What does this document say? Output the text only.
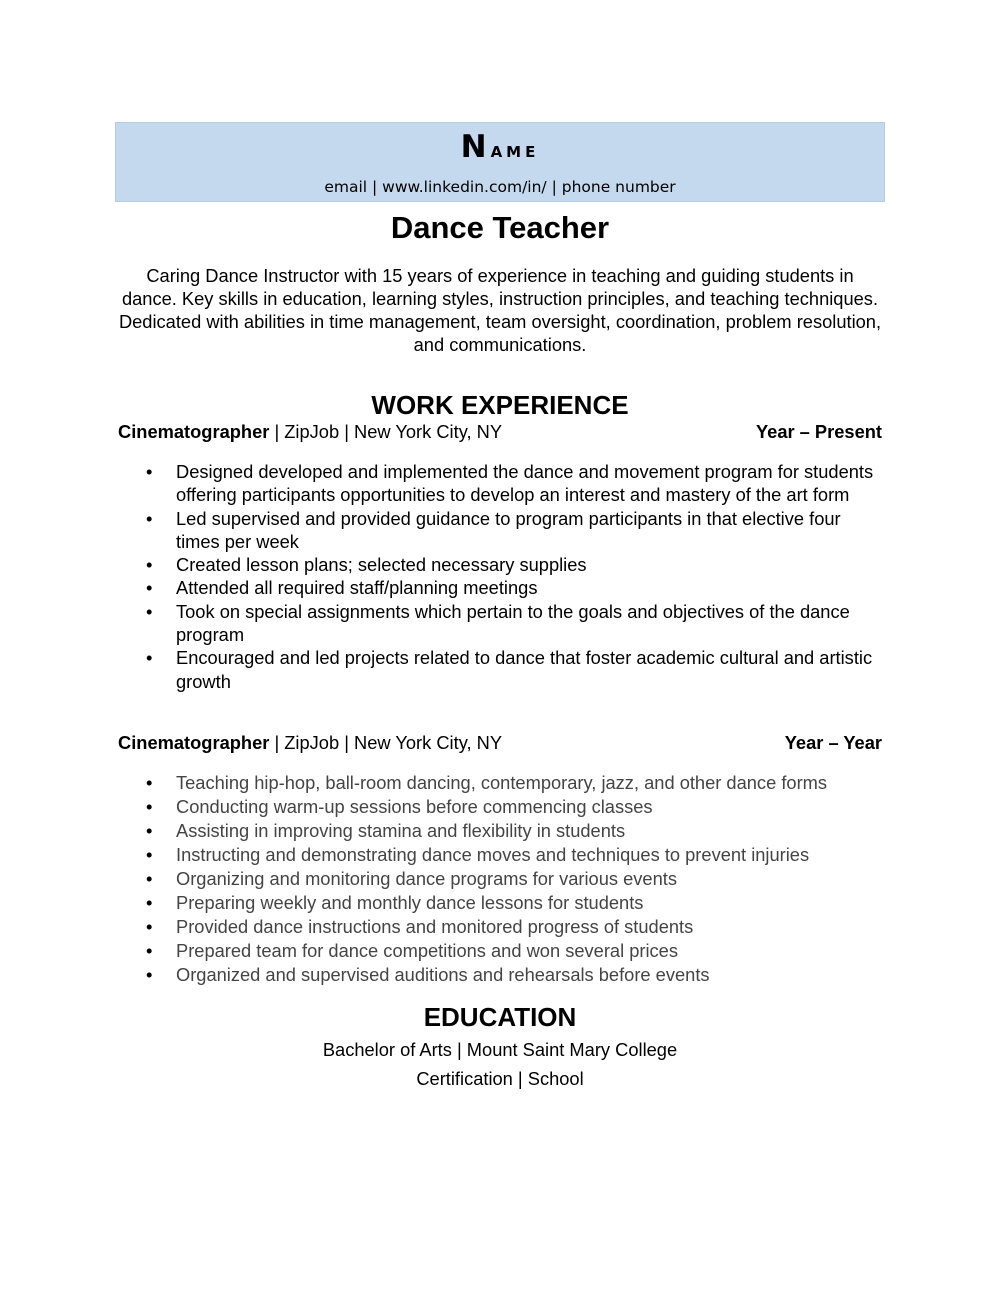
Name
email | www.linkedin.com/in/ | phone number
Dance Teacher
Caring Dance Instructor with 15 years of experience in teaching and guiding students in dance. Key skills in education, learning styles, instruction principles, and teaching techniques. Dedicated with abilities in time management, team oversight, coordination, problem resolution, and communications.
WORK EXPERIENCE
Cinematographer | ZipJob | New York City, NY	Year – Present
• Designed developed and implemented the dance and movement program for students offering participants opportunities to develop an interest and mastery of the art form
• Led supervised and provided guidance to program participants in that elective four times per week
• Created lesson plans; selected necessary supplies
• Attended all required staff/planning meetings
• Took on special assignments which pertain to the goals and objectives of the dance program
• Encouraged and led projects related to dance that foster academic cultural and artistic growth
Cinematographer | ZipJob | New York City, NY	Year – Year
• Teaching hip-hop, ball-room dancing, contemporary, jazz, and other dance forms
• Conducting warm-up sessions before commencing classes
• Assisting in improving stamina and flexibility in students
• Instructing and demonstrating dance moves and techniques to prevent injuries
• Organizing and monitoring dance programs for various events
• Preparing weekly and monthly dance lessons for students
• Provided dance instructions and monitored progress of students
• Prepared team for dance competitions and won several prices
• Organized and supervised auditions and rehearsals before events
EDUCATION
Bachelor of Arts | Mount Saint Mary College
Certification | School
